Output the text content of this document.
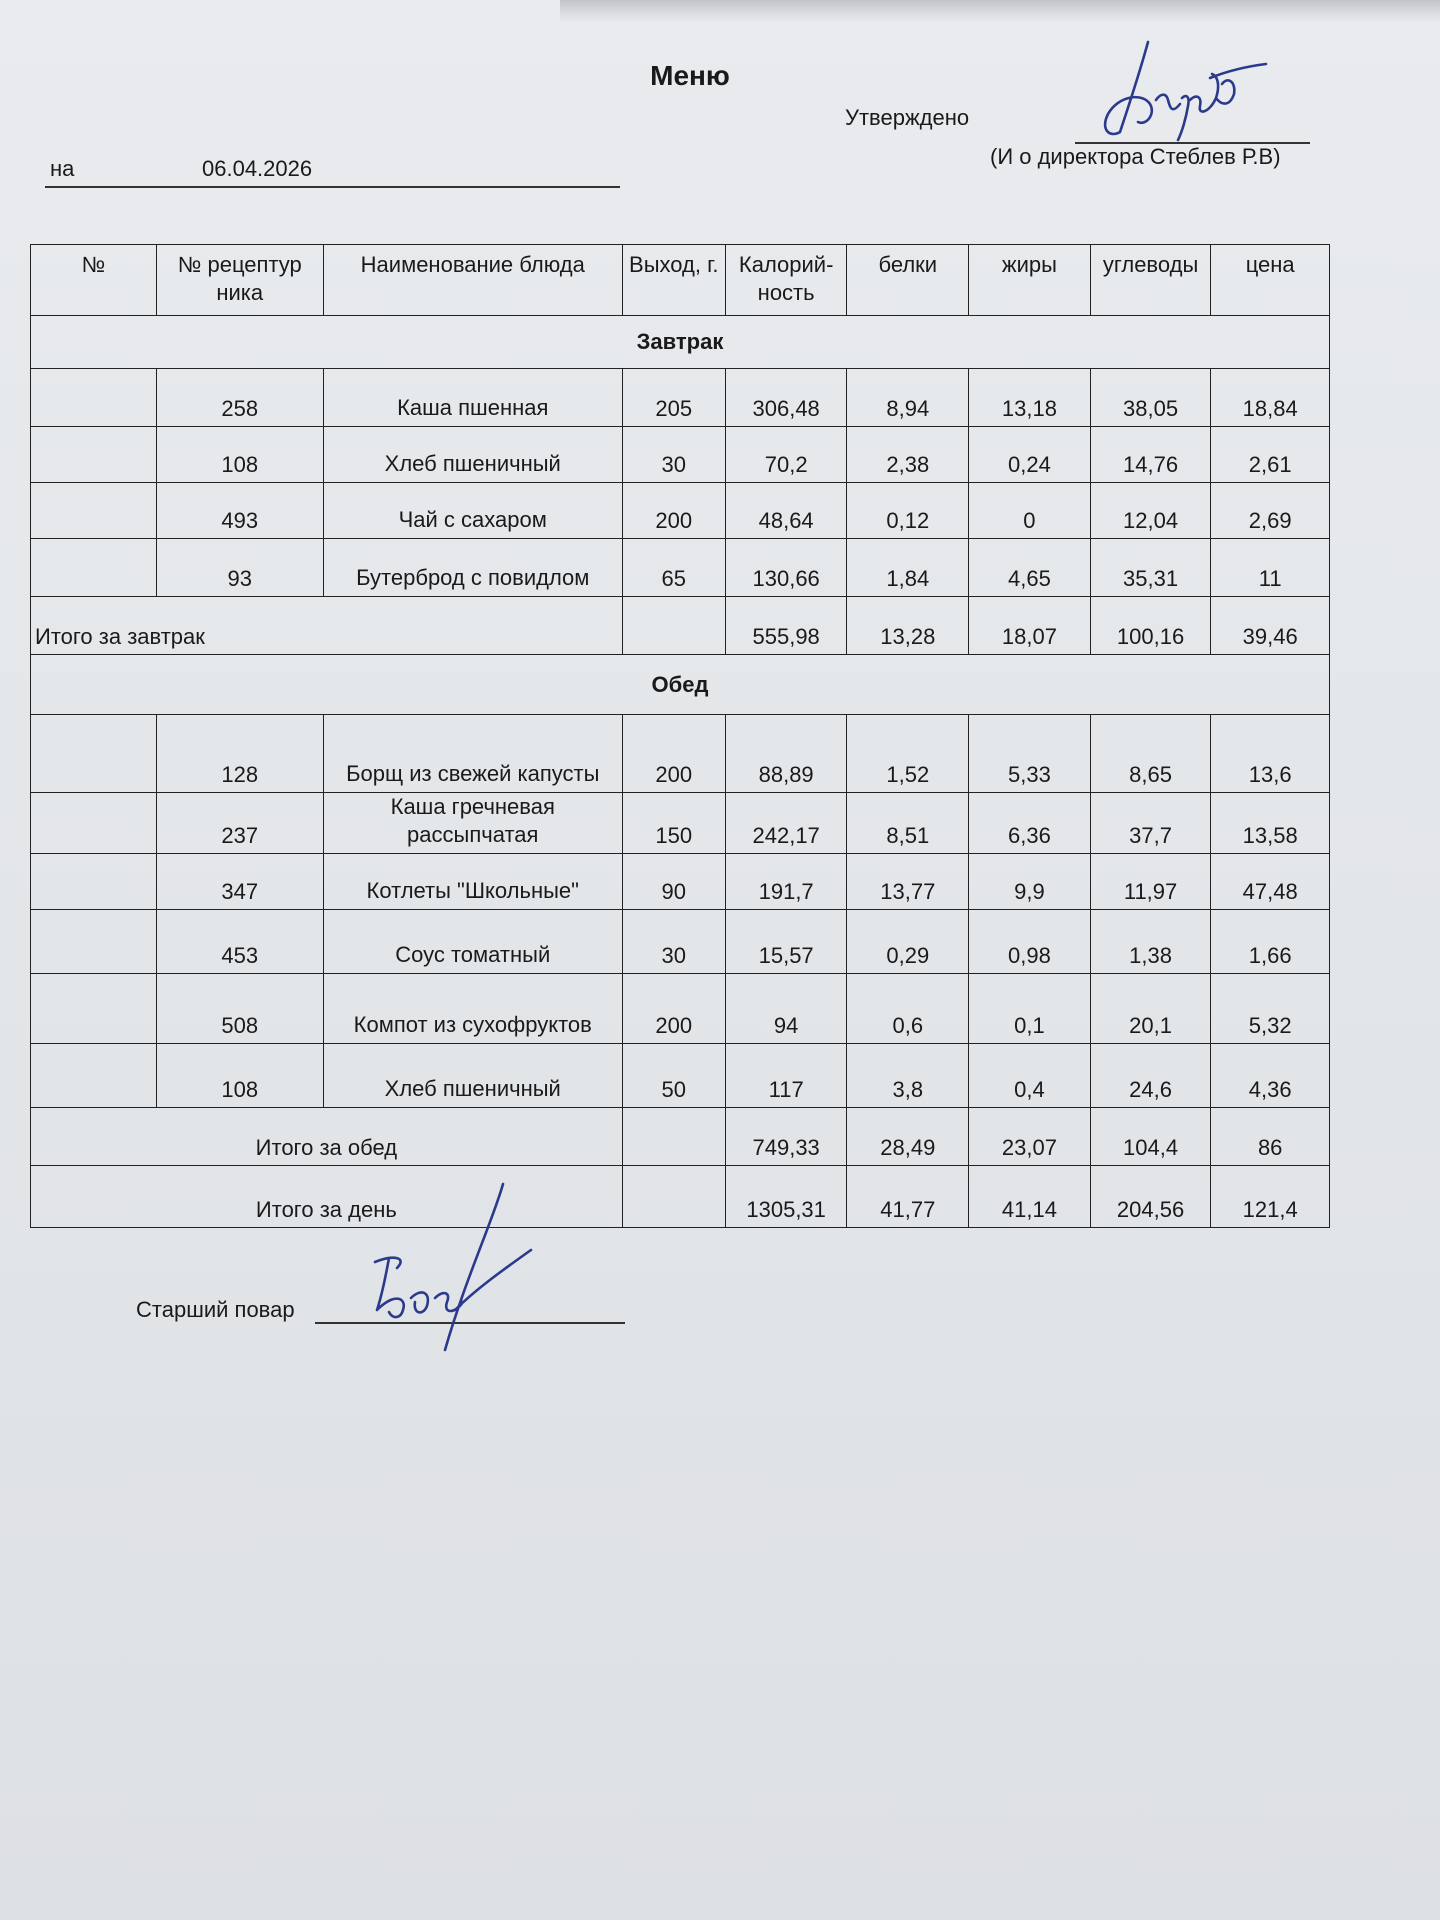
Меню
Утверждено
(И о директора Стеблев Р.В)
на	06.04.2026
№	№ рецептур ника	Наименование блюда	Выход, г.	Калорий-ность	белки	жиры	углеводы	цена
Завтрак								
	258	Каша пшенная	205	306,48	8,94	13,18	38,05	18,84
	108	Хлеб пшеничный	30	70,2	2,38	0,24	14,76	2,61
	493	Чай с сахаром	200	48,64	0,12	0	12,04	2,69
	93	Бутерброд с повидлом	65	130,66	1,84	4,65	35,31	11
Итого за завтрак				555,98	13,28	18,07	100,16	39,46
Обед								
	128	Борщ из свежей капусты	200	88,89	1,52	5,33	8,65	13,6
	237	Каша гречневая рассыпчатая	150	242,17	8,51	6,36	37,7	13,58
	347	Котлеты "Школьные"	90	191,7	13,77	9,9	11,97	47,48
	453	Соус томатный	30	15,57	0,29	0,98	1,38	1,66
	508	Компот из сухофруктов	200	94	0,6	0,1	20,1	5,32
	108	Хлеб пшеничный	50	117	3,8	0,4	24,6	4,36
Итого за обед				749,33	28,49	23,07	104,4	86
Итого за день				1305,31	41,77	41,14	204,56	121,4
Старший повар
